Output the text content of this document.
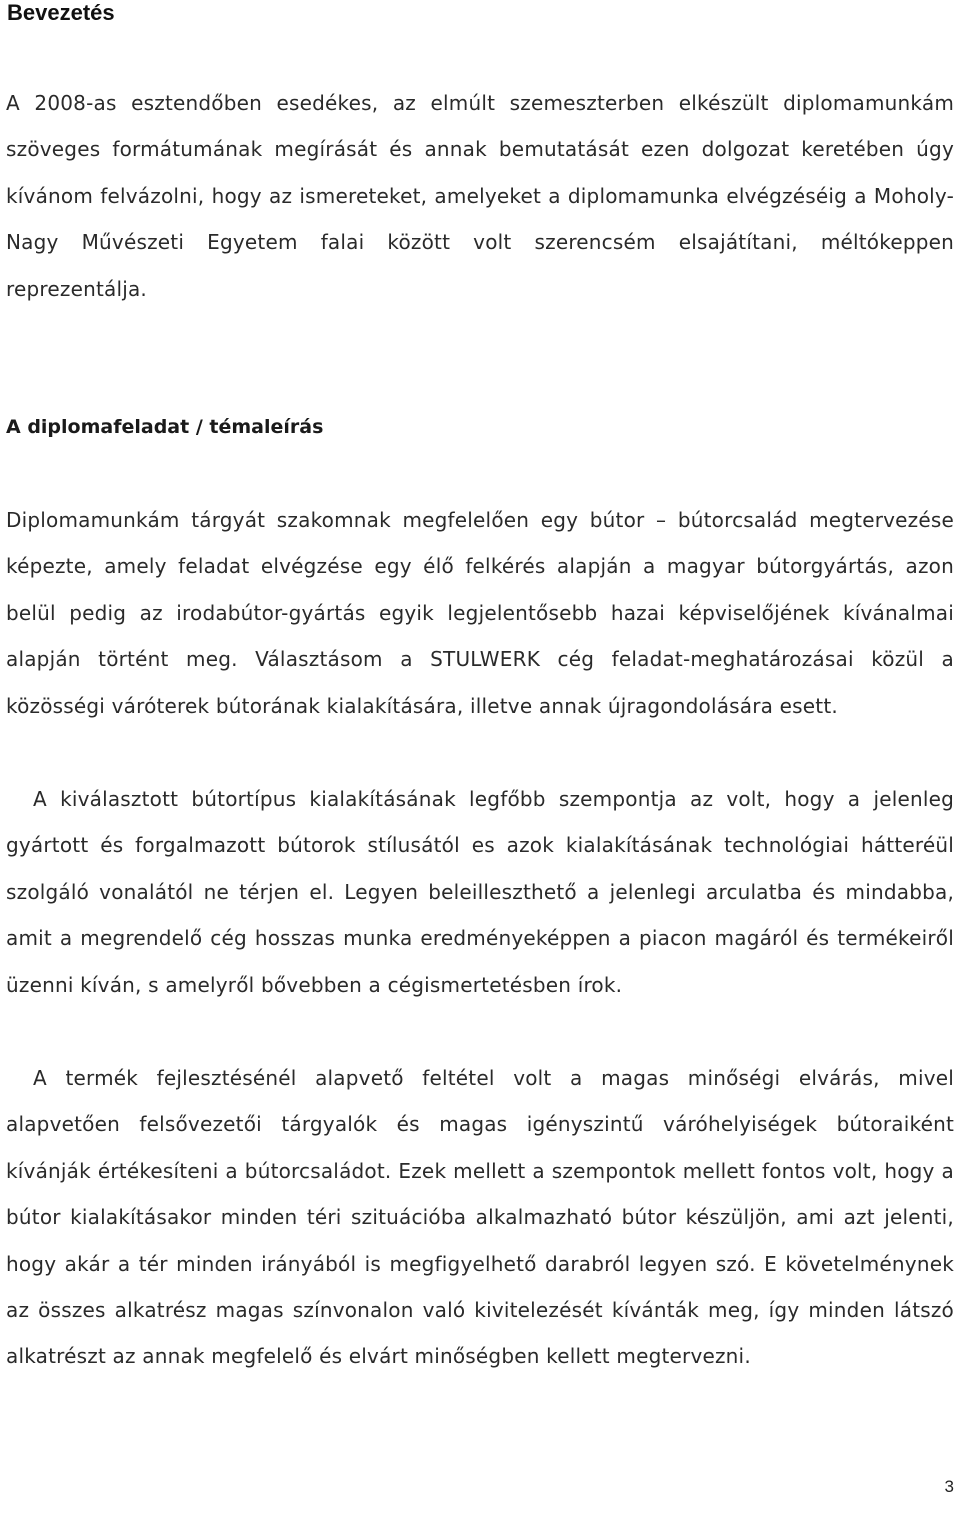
Bevezetés

A 2008-as esztendőben esedékes, az elmúlt szemeszterben elkészült diplomamunkám szöveges formátumának megírását és annak bemutatását ezen dolgozat keretében úgy kívánom felvázolni, hogy az ismereteket, amelyeket a diplomamunka elvégzéséig a Moholy-Nagy Művészeti Egyetem falai között volt szerencsém elsajátítani, méltókeppen reprezentálja.

A diplomafeladat / témaleírás

Diplomamunkám tárgyát szakomnak megfelelően egy bútor – bútorcsalád megtervezése képezte, amely feladat elvégzése egy élő felkérés alapján a magyar bútorgyártás, azon belül pedig az irodabútor-gyártás egyik legjelentősebb hazai képviselőjének kívánalmai alapján történt meg. Választásom a STULWERK cég feladat-meghatározásai közül a közösségi váróterek bútorának kialakítására, illetve annak újragondolására esett.

A kiválasztott bútortípus kialakításának legfőbb szempontja az volt, hogy a jelenleg gyártott és forgalmazott bútorok stílusától es azok kialakításának technológiai hátteréül szolgáló vonalától ne térjen el. Legyen beleilleszthető a jelenlegi arculatba és mindabba, amit a megrendelő cég hosszas munka eredményeképpen a piacon magáról és termékeiről üzenni kíván, s amelyről bővebben a cégismertetésben írok.

A termék fejlesztésénél alapvető feltétel volt a magas minőségi elvárás, mivel alapvetően felsővezetői tárgyalók és magas igényszintű váróhelyiségek bútoraiként kívánják értékesíteni a bútorcsaládot. Ezek mellett a szempontok mellett fontos volt, hogy a bútor kialakításakor minden téri szituációba alkalmazható bútor készüljön, ami azt jelenti, hogy akár a tér minden irányából is megfigyelhető darabról legyen szó. E követelménynek az összes alkatrész magas színvonalon való kivitelezését kívánták meg, így minden látszó alkatrészt az annak megfelelő és elvárt minőségben kellett megtervezni.

3
